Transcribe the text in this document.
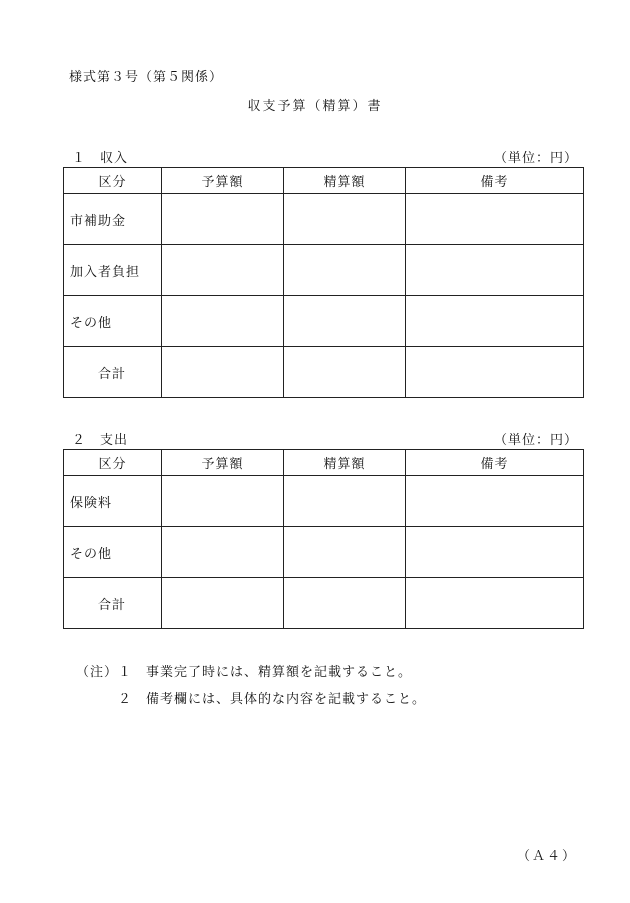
様式第３号（第５関係）
収支予算（精算）書
１　収入	（単位：円）
区分	予算額	精算額	備考
市補助金			
加入者負担			
その他			
合計			
２　支出	（単位：円）
区分	予算額	精算額	備考
保険料			
その他			
合計			
（注） １ 事業完了時には、精算額を記載すること。
２ 備考欄には、具体的な内容を記載すること。
（Ａ４）
